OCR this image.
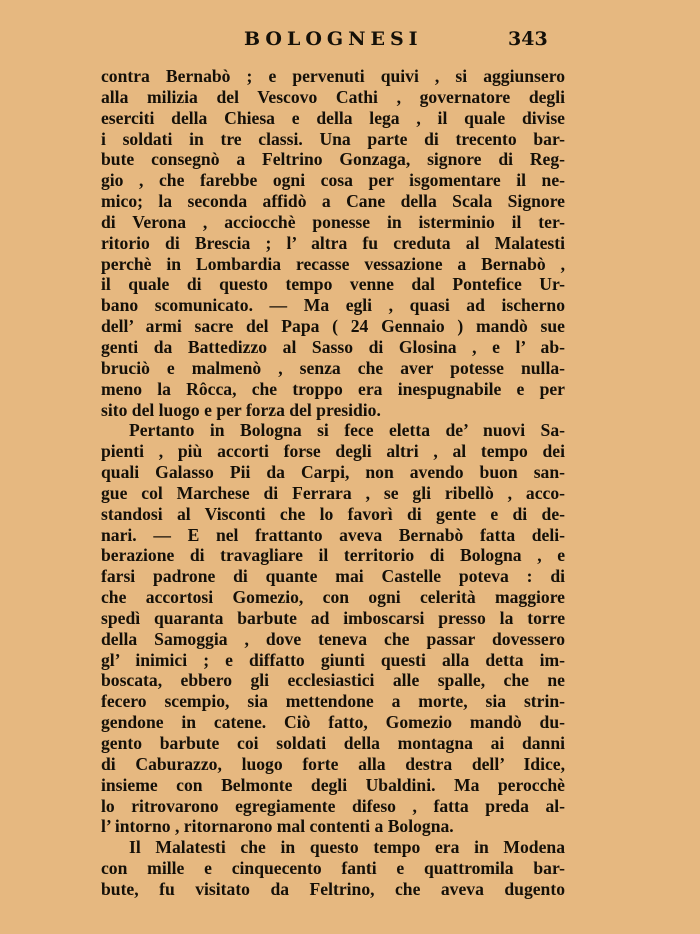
BOLOGNESI	343
contra Bernabò ; e pervenuti quivi , si aggiunsero
alla milizia del Vescovo Cathi , governatore degli
eserciti della Chiesa e della lega , il quale divise
i soldati in tre classi. Una parte di trecento bar-
bute consegnò a Feltrino Gonzaga, signore di Reg-
gio , che farebbe ogni cosa per isgomentare il ne-
mico; la seconda affidò a Cane della Scala Signore
di Verona , acciocchè ponesse in isterminio il ter-
ritorio di Brescia ; l’ altra fu creduta al Malatesti
perchè in Lombardia recasse vessazione a Bernabò ,
il quale di questo tempo venne dal Pontefice Ur-
bano scomunicato. — Ma egli , quasi ad ischerno
dell’ armi sacre del Papa ( 24 Gennaio ) mandò sue
genti da Battedizzo al Sasso di Glosina , e l’ ab-
bruciò e malmenò , senza che aver potesse nulla-
meno la Rôcca, che troppo era inespugnabile e per
sito del luogo e per forza del presidio.
Pertanto in Bologna si fece eletta de’ nuovi Sa-
pienti , più accorti forse degli altri , al tempo dei
quali Galasso Pii da Carpi, non avendo buon san-
gue col Marchese di Ferrara , se gli ribellò , acco-
standosi al Visconti che lo favorì di gente e di de-
nari. — E nel frattanto aveva Bernabò fatta deli-
berazione di travagliare il territorio di Bologna , e
farsi padrone di quante mai Castelle poteva : di
che accortosi Gomezio, con ogni celerità maggiore
spedì quaranta barbute ad imboscarsi presso la torre
della Samoggia , dove teneva che passar dovessero
gl’ inimici ; e diffatto giunti questi alla detta im-
boscata, ebbero gli ecclesiastici alle spalle, che ne
fecero scempio, sia mettendone a morte, sia strin-
gendone in catene. Ciò fatto, Gomezio mandò du-
gento barbute coi soldati della montagna ai danni
di Caburazzo, luogo forte alla destra dell’ Idice,
insieme con Belmonte degli Ubaldini. Ma perocchè
lo ritrovarono egregiamente difeso , fatta preda al-
l’ intorno , ritornarono mal contenti a Bologna.
Il Malatesti che in questo tempo era in Modena
con mille e cinquecento fanti e quattromila bar-
bute, fu visitato da Feltrino, che aveva dugento
